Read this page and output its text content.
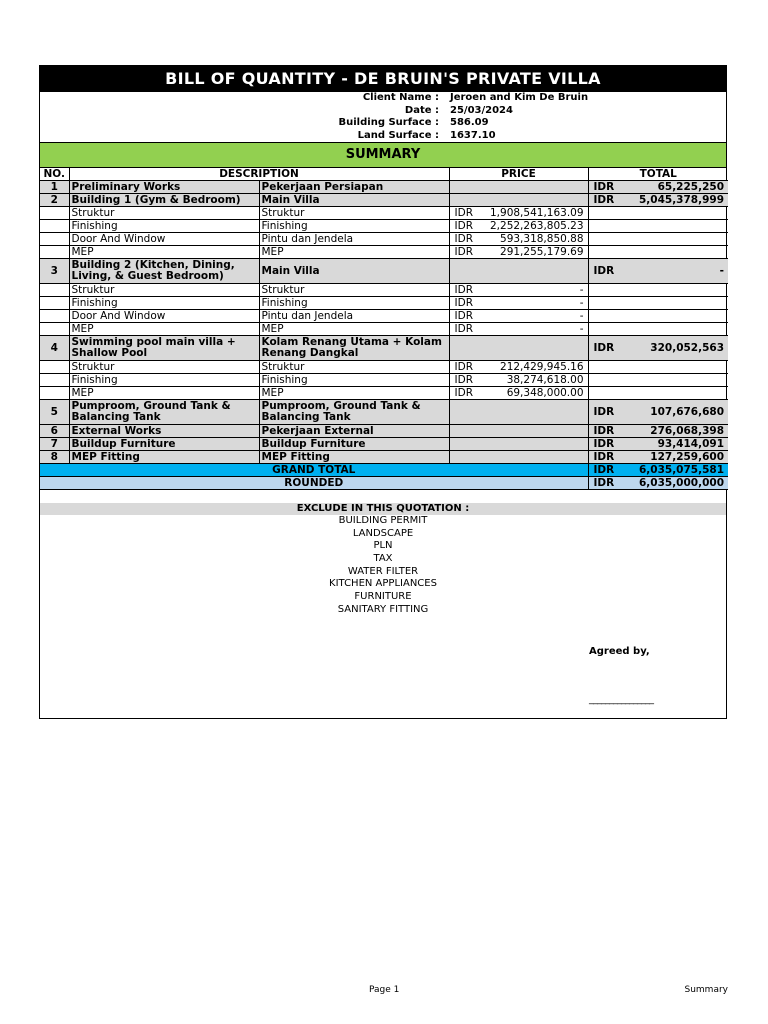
BILL OF QUANTITY - DE BRUIN'S PRIVATE VILLA
Client Name : Jeroen and Kim De Bruin
Date : 25/03/2024
Building Surface : 586.09
Land Surface : 1637.10
SUMMARY
NO.	DESCRIPTION		PRICE	TOTAL
1	Preliminary Works	Pekerjaan Persiapan		IDR 65,225,250

2	Building 1 (Gym & Bedroom)	Main Villa		IDR 5,045,378,999

	Struktur	Struktur	IDR 1,908,541,163.09	

	Finishing	Finishing	IDR 2,252,263,805.23	

	Door And Window	Pintu dan Jendela	IDR 593,318,850.88	

	MEP	MEP	IDR 291,255,179.69	

3	Building 2 (Kitchen, Dining, Living, & Guest Bedroom)	Main Villa		IDR -

	Struktur	Struktur	IDR -	

	Finishing	Finishing	IDR -	

	Door And Window	Pintu dan Jendela	IDR -	

	MEP	MEP	IDR -	

4	Swimming pool main villa + Shallow Pool	Kolam Renang Utama + Kolam Renang Dangkal		IDR 320,052,563

	Struktur	Struktur	IDR 212,429,945.16	

	Finishing	Finishing	IDR 38,274,618.00	

	MEP	MEP	IDR 69,348,000.00	

5	Pumproom, Ground Tank & Balancing Tank	Pumproom, Ground Tank & Balancing Tank		IDR 107,676,680

6	External Works	Pekerjaan External		IDR 276,068,398

7	Buildup Furniture	Buildup Furniture		IDR 93,414,091

8	MEP Fitting	MEP Fitting		IDR 127,259,600

GRAND TOTAL				IDR 6,035,075,581

ROUNDED				IDR 6,035,000,000
EXCLUDE IN THIS QUOTATION :
BUILDING PERMIT
LANDSCAPE
PLN
TAX
WATER FILTER
KITCHEN APPLIANCES
FURNITURE
SANITARY FITTING
Agreed by,
________________
Page 1	Summary
